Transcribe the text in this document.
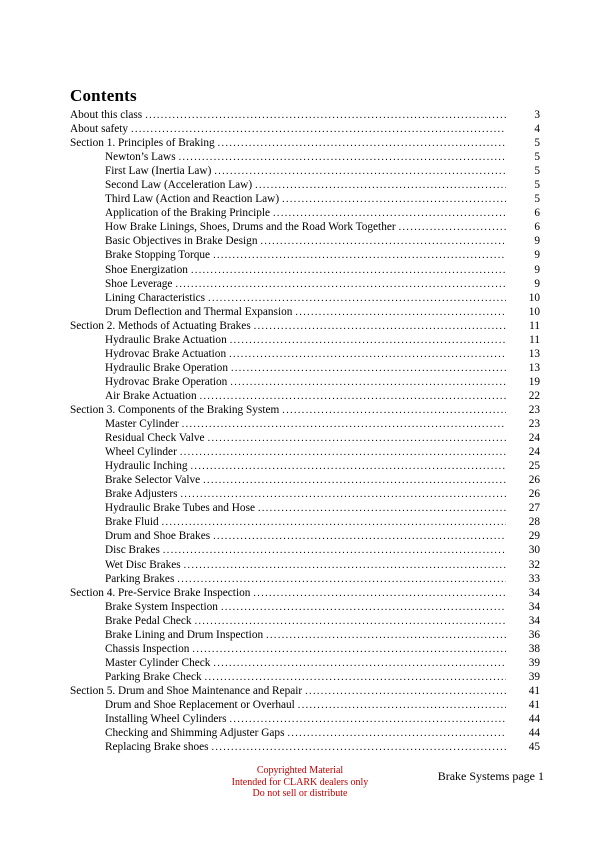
Contents
About this class .....	3
About safety .....	4
Section 1. Principles of Braking .....	5
Newton’s Laws .....	5
First Law (Inertia Law) .....	5
Second Law (Acceleration Law) .....	5
Third Law (Action and Reaction Law) .....	5
Application of the Braking Principle .....	6
How Brake Linings, Shoes, Drums and the Road Work Together .....	6
Basic Objectives in Brake Design .....	9
Brake Stopping Torque .....	9
Shoe Energization .....	9
Shoe Leverage .....	9
Lining Characteristics .....	10
Drum Deflection and Thermal Expansion .....	10
Section 2. Methods of Actuating Brakes .....	11
Hydraulic Brake Actuation .....	11
Hydrovac Brake Actuation .....	13
Hydraulic Brake Operation .....	13
Hydrovac Brake Operation .....	19
Air Brake Actuation .....	22
Section 3. Components of the Braking System .....	23
Master Cylinder .....	23
Residual Check Valve .....	24
Wheel Cylinder .....	24
Hydraulic Inching .....	25
Brake Selector Valve .....	26
Brake Adjusters .....	26
Hydraulic Brake Tubes and Hose .....	27
Brake Fluid .....	28
Drum and Shoe Brakes .....	29
Disc Brakes .....	30
Wet Disc Brakes .....	32
Parking Brakes .....	33
Section 4. Pre-Service Brake Inspection .....	34
Brake System Inspection .....	34
Brake Pedal Check .....	34
Brake Lining and Drum Inspection .....	36
Chassis Inspection .....	38
Master Cylinder Check .....	39
Parking Brake Check .....	39
Section 5. Drum and Shoe Maintenance and Repair .....	41
Drum and Shoe Replacement or Overhaul .....	41
Installing Wheel Cylinders .....	44
Checking and Shimming Adjuster Gaps .....	44
Replacing Brake shoes .....	45
Copyrighted Material
Intended for CLARK dealers only
Do not sell or distribute
Brake Systems page 1
